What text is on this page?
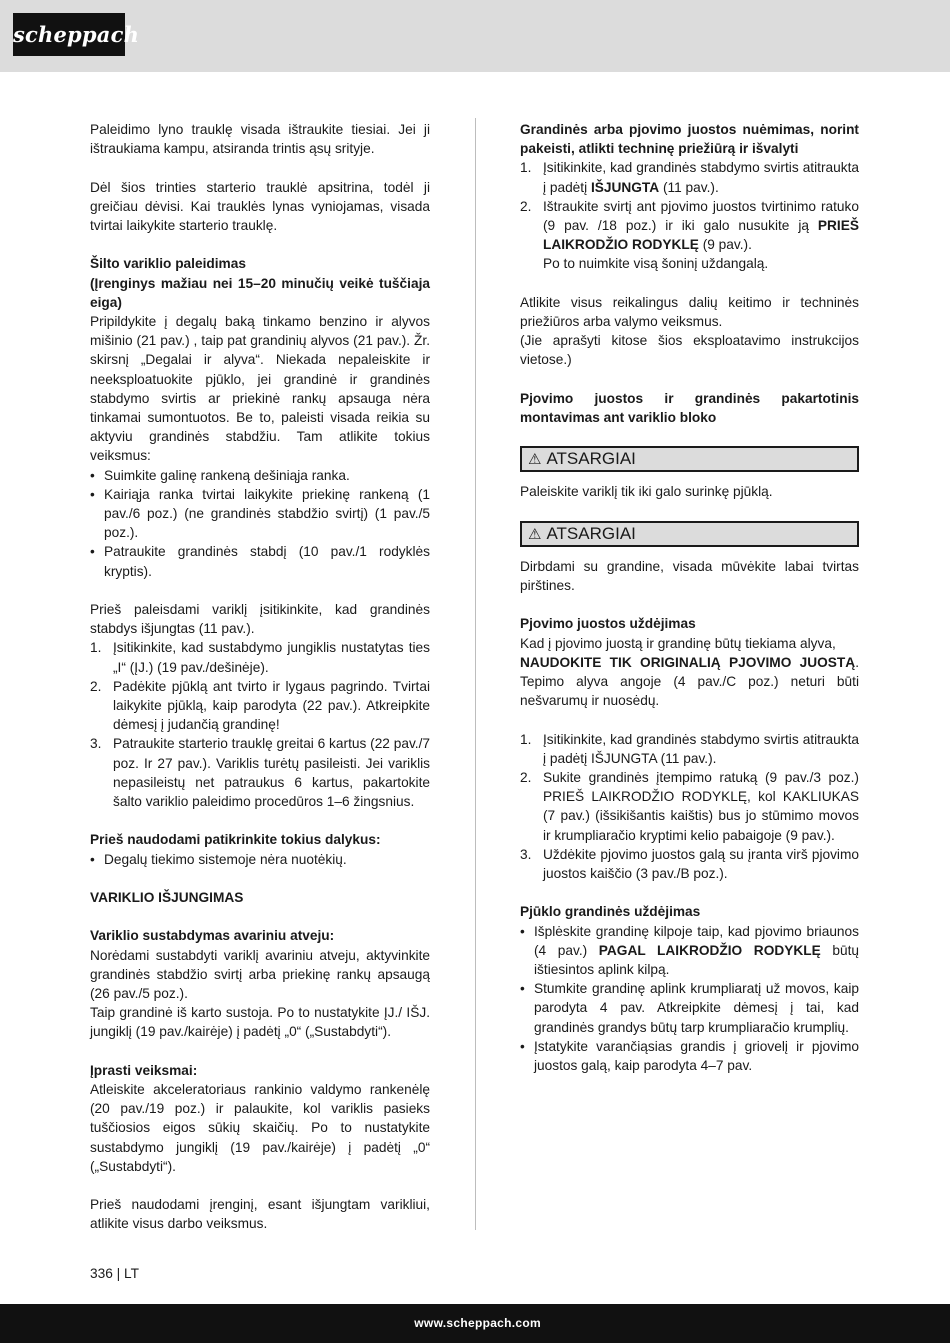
scheppach

Paleidimo lyno trauklę visada ištraukite tiesiai. Jei ji ištraukiama kampu, atsiranda trintis ąsų srityje.

Dėl šios trinties starterio trauklė apsitrina, todėl ji greičiau dėvisi. Kai trauklės lynas vyniojamas, visada tvirtai laikykite starterio trauklę.

Šilto variklio paleidimas

(Įrenginys mažiau nei 15–20 minučių veikė tuščiaja eiga)

Pripildykite į degalų baką tinkamo benzino ir alyvos mišinio (21 pav.) , taip pat grandinių alyvos (21 pav.). Žr. skirsnį „Degalai ir alyva“. Niekada nepaleiskite ir neeksploatuokite pjūklo, jei grandinė ir grandinės stabdymo svirtis ar priekinė rankų apsauga nėra tinkamai sumontuotos. Be to, paleisti visada reikia su aktyviu grandinės stabdžiu. Tam atlikite tokius veiksmus:

• Suimkite galinę rankeną dešiniąja ranka.
• Kairiąja ranka tvirtai laikykite priekinę rankeną (1 pav./6 poz.) (ne grandinės stabdžio svirtį) (1 pav./5 poz.).
• Patraukite grandinės stabdį (10 pav./1 rodyklės kryptis).

Prieš paleisdami variklį įsitikinkite, kad grandinės stabdys išjungtas (11 pav.).

1. Įsitikinkite, kad sustabdymo jungiklis nustatytas ties „I“ (ĮJ.) (19 pav./dešinėje).
2. Padėkite pjūklą ant tvirto ir lygaus pagrindo. Tvirtai laikykite pjūklą, kaip parodyta (22 pav.). Atkreipkite dėmesį į judančią grandinę!
3. Patraukite starterio trauklę greitai 6 kartus (22 pav./7 poz. Ir 27 pav.). Variklis turėtų pasileisti. Jei variklis nepasileistų net patraukus 6 kartus, pakartokite šalto variklio paleidimo procedūros 1–6 žingsnius.

Prieš naudodami patikrinkite tokius dalykus:

• Degalų tiekimo sistemoje nėra nuotėkių.

VARIKLIO IŠJUNGIMAS

Variklio sustabdymas avariniu atveju:

Norėdami sustabdyti variklį avariniu atveju, aktyvinkite grandinės stabdžio svirtį arba priekinę rankų apsaugą (26 pav./5 poz.).

Taip grandinė iš karto sustoja. Po to nustatykite ĮJ./ IŠJ. jungiklį (19 pav./kairėje) į padėtį „0“ („Sustabdyti“).

Įprasti veiksmai:

Atleiskite akceleratoriaus rankinio valdymo rankenėlę (20 pav./19 poz.) ir palaukite, kol variklis pasieks tuščiosios eigos sūkių skaičių. Po to nustatykite sustabdymo jungiklį (19 pav./kairėje) į padėtį „0“ („Sustabdyti“).

Prieš naudodami įrenginį, esant išjungtam varikliui, atlikite visus darbo veiksmus.

Grandinės arba pjovimo juostos nuėmimas, norint pakeisti, atlikti techninę priežiūrą ir išvalyti

1. Įsitikinkite, kad grandinės stabdymo svirtis atitraukta į padėtį IŠJUNGTA (11 pav.).
2. Ištraukite svirtį ant pjovimo juostos tvirtinimo ratuko (9 pav. /18 poz.) ir iki galo nusukite ją PRIEŠ LAIKRODŽIO RODYKLĘ (9 pav.).
Po to nuimkite visą šoninį uždangalą.

Atlikite visus reikalingus dalių keitimo ir techninės priežiūros arba valymo veiksmus.

(Jie aprašyti kitose šios eksploatavimo instrukcijos vietose.)

Pjovimo juostos ir grandinės pakartotinis montavimas ant variklio bloko

⚠ ATSARGIAI

Paleiskite variklį tik iki galo surinkę pjūklą.

⚠ ATSARGIAI

Dirbdami su grandine, visada mūvėkite labai tvirtas pirštines.

Pjovimo juostos uždėjimas

Kad į pjovimo juostą ir grandinę būtų tiekiama alyva,
NAUDOKITE TIK ORIGINALIĄ PJOVIMO JUOSTĄ. Tepimo alyva angoje (4 pav./C poz.) neturi būti nešvarumų ir nuosėdų.

1. Įsitikinkite, kad grandinės stabdymo svirtis atitraukta į padėtį IŠJUNGTA (11 pav.).
2. Sukite grandinės įtempimo ratuką (9 pav./3 poz.) PRIEŠ LAIKRODŽIO RODYKLĘ, kol KAKLIUKAS (7 pav.) (išsikišantis kaištis) bus jo stūmimo movos ir krumpliaračio kryptimi kelio pabaigoje (9 pav.).
3. Uždėkite pjovimo juostos galą su įranta virš pjovimo juostos kaiščio (3 pav./B poz.).

Pjūklo grandinės uždėjimas

• Išplėskite grandinę kilpoje taip, kad pjovimo briaunos (4 pav.) PAGAL LAIKRODŽIO RODYKLĘ būtų ištiesintos aplink kilpą.
• Stumkite grandinę aplink krumpliaratį už movos, kaip parodyta 4 pav. Atkreipkite dėmesį į tai, kad grandinės grandys būtų tarp krumpliaračio krumplių.
• Įstatykite varančiąsias grandis į griovelį ir pjovimo juostos galą, kaip parodyta 4–7 pav.
336 | LT
www.scheppach.com
